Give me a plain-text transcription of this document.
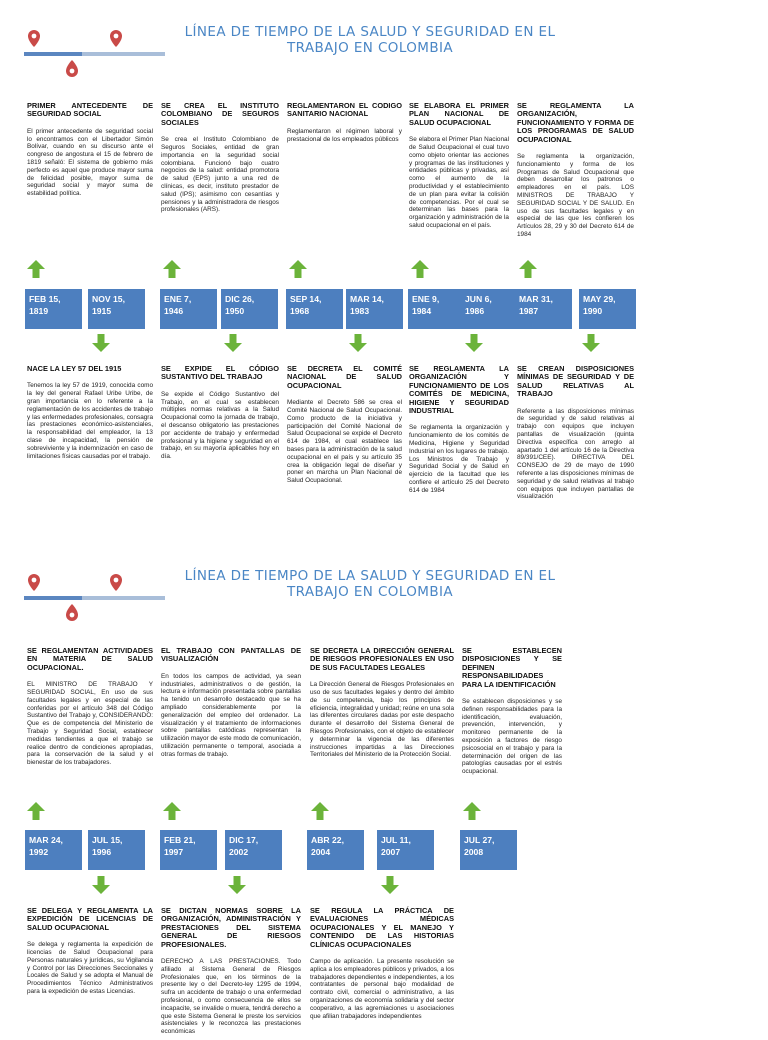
LÍNEA DE TIEMPO DE LA SALUD Y SEGURIDAD EN EL TRABAJO EN COLOMBIA
PRIMER ANTECEDENTE DE SEGURIDAD SOCIAL

El primer antecedente de seguridad social lo encontramos con el Libertador Simón Bolívar, cuando en su discurso ante el congreso de angostura el 15 de febrero de 1819 señaló: El sistema de gobierno más perfecto es aquel que produce mayor suma de felicidad posible, mayor suma de seguridad social y mayor suma de estabilidad política.

SE CREA EL INSTITUTO COLOMBIANO DE SEGUROS SOCIALES

Se crea el Instituto Colombiano de Seguros Sociales, entidad de gran importancia en la seguridad social colombiana. Funcionó bajo cuatro negocios de la salud: entidad promotora de salud (EPS) junto a una red de clínicas, es decir, instituto prestador de salud (IPS); asimismo con cesantías y pensiones y la administradora de riesgos profesionales (ARS).

REGLAMENTARON EL CODIGO SANITARIO NACIONAL

Reglamentaron el régimen laboral y prestacional de los empleados públicos

SE ELABORA EL PRIMER PLAN NACIONAL DE SALUD OCUPACIONAL

Se elabora el Primer Plan Nacional de Salud Ocupacional el cual tuvo como objeto orientar las acciones y programas de las instituciones y entidades públicas y privadas, así como el aumento de la productividad y el establecimiento de un plan para evitar la colisión de competencias. Por el cual se determinan las bases para la organización y administración de la salud ocupacional en el país.

SE REGLAMENTA LA ORGANIZACIÓN, FUNCIONAMIENTO Y FORMA DE LOS PROGRAMAS DE SALUD OCUPACIONAL

Se reglamenta la organización, funcionamiento y forma de los Programas de Salud Ocupacional que deben desarrollar los patronos o empleadores en el país. LOS MINISTROS DE TRABAJO Y SEGURIDAD SOCIAL Y DE SALUD. En uso de sus facultades legales y en especial de las que les confieren los Artículos 28, 29 y 30 del Decreto 614 de 1984

FEB 15,
1819
NOV 15,
1915
ENE 7,
1946
DIC 26,
1950
SEP 14,
1968
MAR 14,
1983
ENE 9,
1984
JUN 6,
1986
MAR 31,
1987
MAY 29,
1990
NACE LA LEY 57 DEL 1915

Tenemos la ley 57 de 1919, conocida como la ley del general Rafael Uribe Uribe, de gran importancia en lo referente a la reglamentación de los accidentes de trabajo y las enfermedades profesionales, consagra las prestaciones económico-asistenciales, la responsabilidad del empleador, la 13 clase de incapacidad, la pensión de sobreviviente y la indemnización en caso de limitaciones físicas causadas por el trabajo.

SE EXPIDE EL CÓDIGO SUSTANTIVO DEL TRABAJO

Se expide el Código Sustantivo del Trabajo, en el cual se establecen múltiples normas relativas a la Salud Ocupacional como la jornada de trabajo, el descanso obligatorio las prestaciones por accidente de trabajo y enfermedad profesional y la higiene y seguridad en el trabajo, en su mayoría aplicables hoy en día.

SE DECRETA EL COMITÉ NACIONAL DE SALUD OCUPACIONAL

Mediante el Decreto 586 se crea el Comité Nacional de Salud Ocupacional. Como producto de la iniciativa y participación del Comité Nacional de Salud Ocupacional se expide el Decreto 614 de 1984, el cual establece las bases para la administración de la salud ocupacional en el país y su artículo 35 crea la obligación legal de diseñar y poner en marcha un Plan Nacional de Salud Ocupacional.

SE REGLAMENTA LA ORGANIZACIÓN Y FUNCIONAMIENTO DE LOS COMITÉS DE MEDICINA, HIGIENE Y SEGURIDAD INDUSTRIAL

Se reglamenta la organización y funcionamiento de los comités de Medicina, Higiene y Seguridad Industrial en los lugares de trabajo. Los Ministros de Trabajo y Seguridad Social y de Salud en ejercicio de la facultad que les confiere el artículo 25 del Decreto 614 de 1984

SE CREAN DISPOSICIONES MÍNIMAS DE SEGURIDAD Y DE SALUD RELATIVAS AL TRABAJO

Referente a las disposiciones mínimas de seguridad y de salud relativas al trabajo con equipos que incluyen pantallas de visualización (quinta Directiva específica con arreglo al apartado 1 del artículo 16 de la Directiva 89/391/CEE). DIRECTIVA DEL CONSEJO de 29 de mayo de 1990 referente a las disposiciones mínimas de seguridad y de salud relativas al trabajo con equipos que incluyen pantallas de visualización

LÍNEA DE TIEMPO DE LA SALUD Y SEGURIDAD EN EL TRABAJO EN COLOMBIA
SE REGLAMENTAN ACTIVIDADES EN MATERIA DE SALUD OCUPACIONAL.

EL MINISTRO DE TRABAJO Y SEGURIDAD SOCIAL, En uso de sus facultades legales y en especial de las conferidas por el artículo 348 del Código Sustantivo del Trabajo y, CONSIDERANDO: Que es de competencia del Ministerio de Trabajo y Seguridad Social, establecer medidas tendientes a que el trabajo se realice dentro de condiciones apropiadas, para la conservación de la salud y el bienestar de los trabajadores.

EL TRABAJO CON PANTALLAS DE VISUALIZACIÓN

En todos los campos de actividad, ya sean industriales, administrativos o de gestión, la lectura e información presentada sobre pantallas ha tenido un desarrollo destacado que se ha ampliado considerablemente por la generalización del empleo del ordenador. La visualización y el tratamiento de informaciones sobre pantallas catódicas representan la utilización mayor de este modo de comunicación, utilización permanente o temporal, asociada a otras formas de trabajo.

SE DECRETA LA DIRECCIÓN GENERAL DE RIESGOS PROFESIONALES EN USO DE SUS FACULTADES LEGALES

La Dirección General de Riesgos Profesionales en uso de sus facultades legales y dentro del ámbito de su competencia, bajo los principios de eficiencia, integralidad y unidad; reúne en una sola las diferentes circulares dadas por este despacho durante el desarrollo del Sistema General de Riesgos Profesionales, con el objeto de establecer y determinar la vigencia de las diferentes instrucciones impartidas a las Direcciones Territoriales del Ministerio de la Protección Social.

SE ESTABLECEN DISPOSICIONES Y SE DEFINEN RESPONSABILIDADES PARA LA IDENTIFICACIÓN

Se establecen disposiciones y se definen responsabilidades para la identificación, evaluación, prevención, intervención, y monitoreo permanente de la exposición a factores de riesgo psicosocial en el trabajo y para la determinación del origen de las patologías causadas por el estrés ocupacional.

MAR 24,
1992
JUL 15,
1996
FEB 21,
1997
DIC 17,
2002
ABR 22,
2004
JUL 11,
2007
JUL 27,
2008
SE DELEGA Y REGLAMENTA LA EXPEDICIÓN DE LICENCIAS DE SALUD OCUPACIONAL

Se delega y reglamenta la expedición de licencias de Salud Ocupacional para Personas naturales y jurídicas, su Vigilancia y Control por las Direcciones Seccionales y Locales de Salud y se adopta el Manual de Procedimientos Técnico Administrativos para la expedición de estas Licencias.

SE DICTAN NORMAS SOBRE LA ORGANIZACIÓN, ADMINISTRACIÓN Y PRESTACIONES DEL SISTEMA GENERAL DE RIESGOS PROFESIONALES.

DERECHO A LAS PRESTACIONES. Todo afiliado al Sistema General de Riesgos Profesionales que, en los términos de la presente ley o del Decreto-ley 1295 de 1994, sufra un accidente de trabajo o una enfermedad profesional, o como consecuencia de ellos se incapacite, se invalide o muera, tendrá derecho a que este Sistema General le preste los servicios asistenciales y le reconozca las prestaciones económicas

SE REGULA LA PRÁCTICA DE EVALUACIONES MÉDICAS OCUPACIONALES Y EL MANEJO Y CONTENIDO DE LAS HISTORIAS CLÍNICAS OCUPACIONALES

Campo de aplicación. La presente resolución se aplica a los empleadores públicos y privados, a los trabajadores dependientes e independientes, a los contratantes de personal bajo modalidad de contrato civil, comercial o administrativo, a las organizaciones de economía solidaria y del sector cooperativo, a las agremiaciones u asociaciones que afilian trabajadores independientes
